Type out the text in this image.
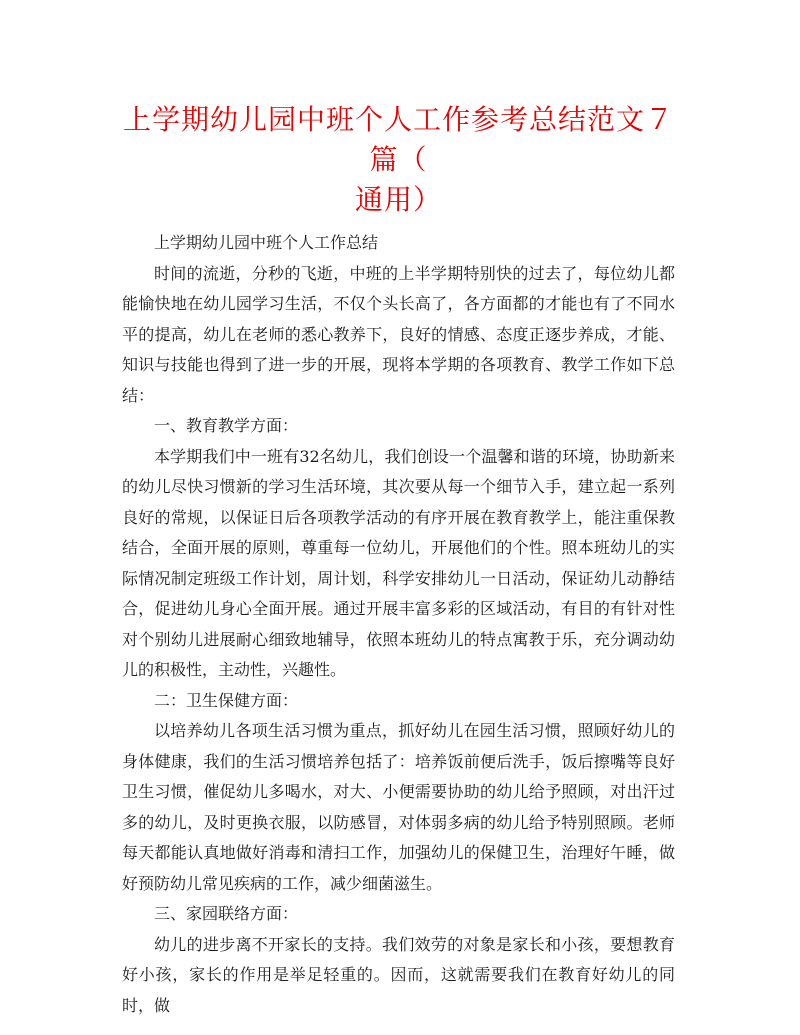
上学期幼儿园中班个人工作参考总结范文７篇（
通用）

上学期幼儿园中班个人工作总结

时间的流逝，分秒的飞逝，中班的上半学期特别快的过去了，每位幼儿都能愉快地在幼儿园学习生活，不仅个头长高了，各方面都的才能也有了不同水平的提高，幼儿在老师的悉心教养下，良好的情感、态度正逐步养成，才能、知识与技能也得到了进一步的开展，现将本学期的各项教育、教学工作如下总结：

一、教育教学方面：

本学期我们中一班有32名幼儿，我们创设一个温馨和谐的环境，协助新来的幼儿尽快习惯新的学习生活环境，其次要从每一个细节入手，建立起一系列良好的常规，以保证日后各项教学活动的有序开展在教育教学上，能注重保教结合，全面开展的原则，尊重每一位幼儿，开展他们的个性。照本班幼儿的实际情况制定班级工作计划，周计划，科学安排幼儿一日活动，保证幼儿动静结合，促进幼儿身心全面开展。通过开展丰富多彩的区域活动，有目的有针对性对个别幼儿进展耐心细致地辅导，依照本班幼儿的特点寓教于乐，充分调动幼儿的积极性，主动性，兴趣性。

二：卫生保健方面：

以培养幼儿各项生活习惯为重点，抓好幼儿在园生活习惯，照顾好幼儿的身体健康，我们的生活习惯培养包括了：培养饭前便后洗手，饭后擦嘴等良好卫生习惯，催促幼儿多喝水，对大、小便需要协助的幼儿给予照顾，对出汗过多的幼儿，及时更换衣服，以防感冒，对体弱多病的幼儿给予特别照顾。老师每天都能认真地做好消毒和清扫工作，加强幼儿的保健卫生，治理好午睡，做好预防幼儿常见疾病的工作，减少细菌滋生。

三、家园联络方面：

幼儿的进步离不开家长的支持。我们效劳的对象是家长和小孩，要想教育好小孩，家长的作用是举足轻重的。因而，这就需要我们在教育好幼儿的同时，做
